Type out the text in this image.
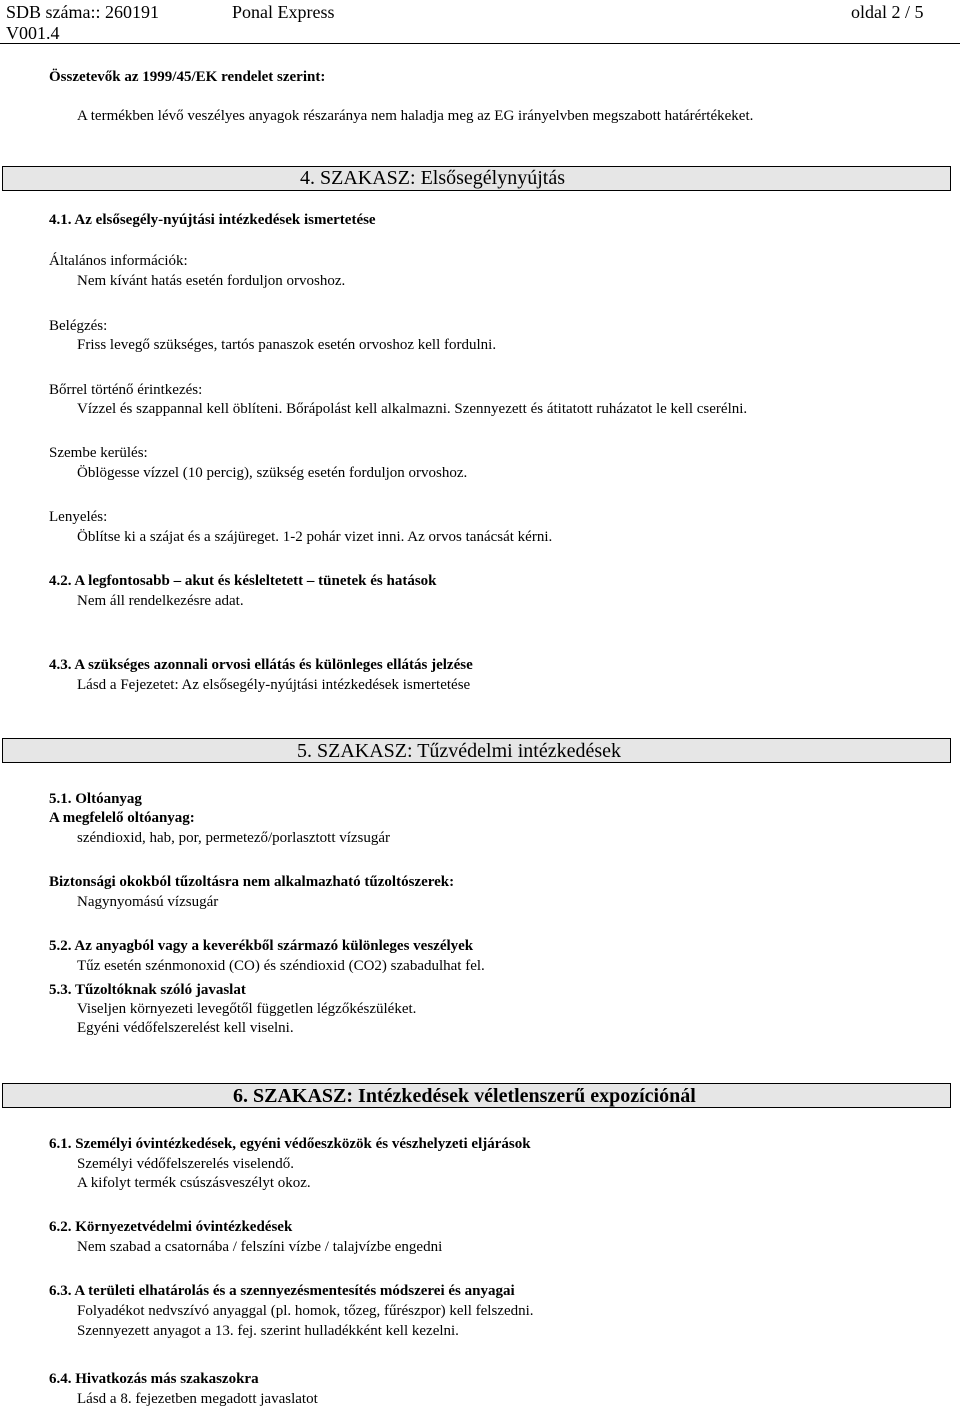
SDB száma:: 260191
V001.4
Ponal Express	oldal 2 / 5
Összetevők az 1999/45/EK rendelet szerint:
A termékben lévő veszélyes anyagok részaránya nem haladja meg az EG irányelvben megszabott határértékeket.
4. SZAKASZ: Elsősegélynyújtás
4.1. Az elsősegély-nyújtási intézkedések ismertetése
Általános információk:
Nem kívánt hatás esetén forduljon orvoshoz.
Belégzés:
Friss levegő szükséges, tartós panaszok esetén orvoshoz kell fordulni.
Bőrrel történő érintkezés:
Vízzel és szappannal kell öblíteni. Bőrápolást kell alkalmazni. Szennyezett és átitatott ruházatot le kell cserélni.
Szembe kerülés:
Öblögesse vízzel (10 percig), szükség esetén forduljon orvoshoz.
Lenyelés:
Öblítse ki a szájat és a szájüreget. 1-2 pohár vizet inni. Az orvos tanácsát kérni.
4.2. A legfontosabb – akut és késleltetett – tünetek és hatások
Nem áll rendelkezésre adat.
4.3. A szükséges azonnali orvosi ellátás és különleges ellátás jelzése
Lásd a Fejezetet: Az elsősegély-nyújtási intézkedések ismertetése
5. SZAKASZ: Tűzvédelmi intézkedések
5.1. Oltóanyag
A megfelelő oltóanyag:
széndioxid, hab, por, permetező/porlasztott vízsugár
Biztonsági okokból tűzoltásra nem alkalmazható tűzoltószerek:
Nagynyomású vízsugár
5.2. Az anyagból vagy a keverékből származó különleges veszélyek
Tűz esetén szénmonoxid (CO) és széndioxid (CO2) szabadulhat fel.
5.3. Tűzoltóknak szóló javaslat
Viseljen környezeti levegőtől független légzőkészüléket.
Egyéni védőfelszerelést kell viselni.
6. SZAKASZ: Intézkedések véletlenszerű expozíciónál
6.1. Személyi óvintézkedések, egyéni védőeszközök és vészhelyzeti eljárások
Személyi védőfelszerelés viselendő.
A kifolyt termék csúszásveszélyt okoz.
6.2. Környezetvédelmi óvintézkedések
Nem szabad a csatornába / felszíni vízbe / talajvízbe engedni
6.3. A területi elhatárolás és a szennyezésmentesítés módszerei és anyagai
Folyadékot nedvszívó anyaggal (pl. homok, tőzeg, fűrészpor) kell felszedni.
Szennyezett anyagot a 13. fej. szerint hulladékként kell kezelni.
6.4. Hivatkozás más szakaszokra
Lásd a 8. fejezetben megadott javaslatot
